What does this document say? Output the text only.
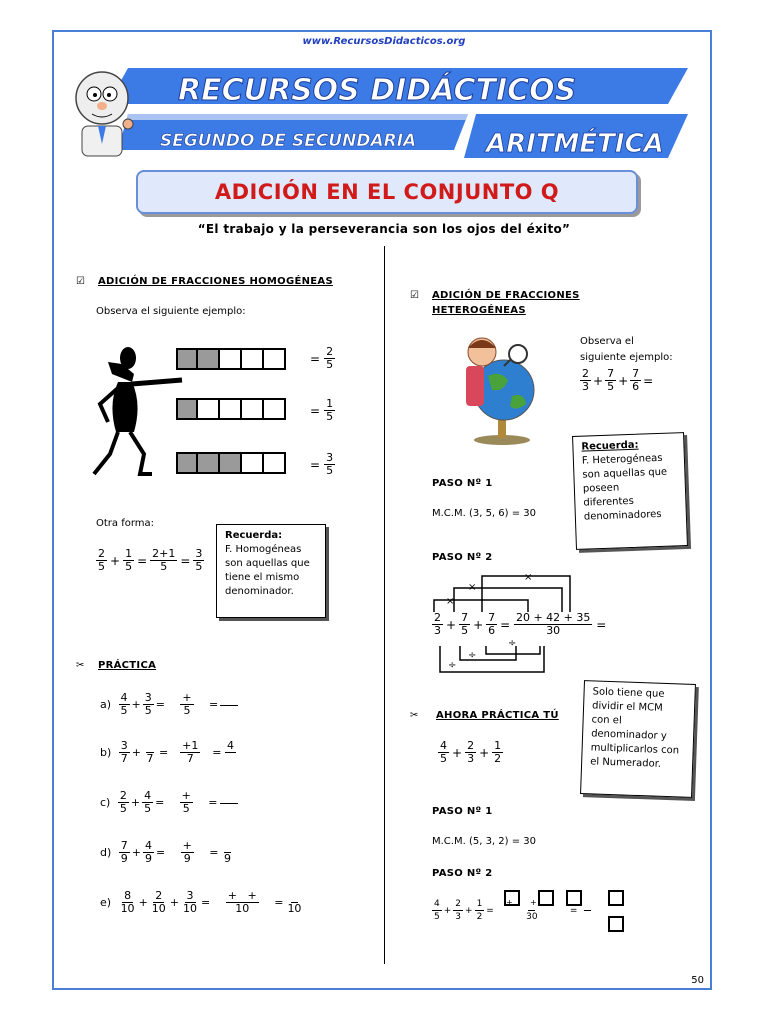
www.RecursosDidacticos.org
RECURSOS DIDÁCTICOS
SEGUNDO DE SECUNDARIA	ARITMÉTICA
ADICIÓN EN EL CONJUNTO Q
“El trabajo y la perseverancia son los ojos del éxito”
☑ ADICIÓN DE FRACCIONES HOMOGÉNEAS
Observa el siguiente ejemplo:
= $\frac{2}{5}$
= $\frac{1}{5}$
= $\frac{3}{5}$
Otra forma:
$\frac{2}{5} + \frac{1}{5} = \frac{2+1}{5} = \frac{3}{5}$
Recuerda:
F. Homogéneas
son aquellas que
tiene el mismo
denominador.
✂ PRÁCTICA
a)
$\frac{4}{5} + \frac{3}{5} = \frac{+}{5}$ =
b)
$\frac{3}{7}$ +
$7 = \frac{+1}{7}$ =
4

c)
$\frac{2}{5} + \frac{4}{5} = \frac{+}{5}$ =
d)
$\frac{7}{9} + \frac{4}{9} = \frac{+}{9}$ =
9
e)
$\frac{8}{10} + \frac{2}{10} + \frac{3}{10} = \frac{+ +}{10}$ =
10
☑ ADICIÓN DE FRACCIONES
HETEROGÉNEAS
Observa el
siguiente ejemplo:
$\frac{2}{3} + \frac{7}{5} + \frac{7}{6}$ =
Recuerda:
F. Heterogéneas
son aquellas que
poseen
diferentes
denominadores
PASO Nº 1
M.C.M. (3, 5, 6) = 30
PASO Nº 2
×
×
×
÷
÷
÷
$\frac{2}{3} + \frac{7}{5} + \frac{7}{6} = \frac{20 + 42 + 35}{30}$ =
Solo tiene que
dividir el MCM
con el
denominador y
multiplicarlos con
el Numerador.
✂ AHORA PRÁCTICA TÚ
$\frac{4}{5} + \frac{2}{3} + \frac{1}{2}$
PASO Nº 1
M.C.M. (5, 3, 2) = 30
PASO Nº 2
$\frac{4}{5} + \frac{2}{3} + \frac{1}{2}$ =

30
=

+ +
50
